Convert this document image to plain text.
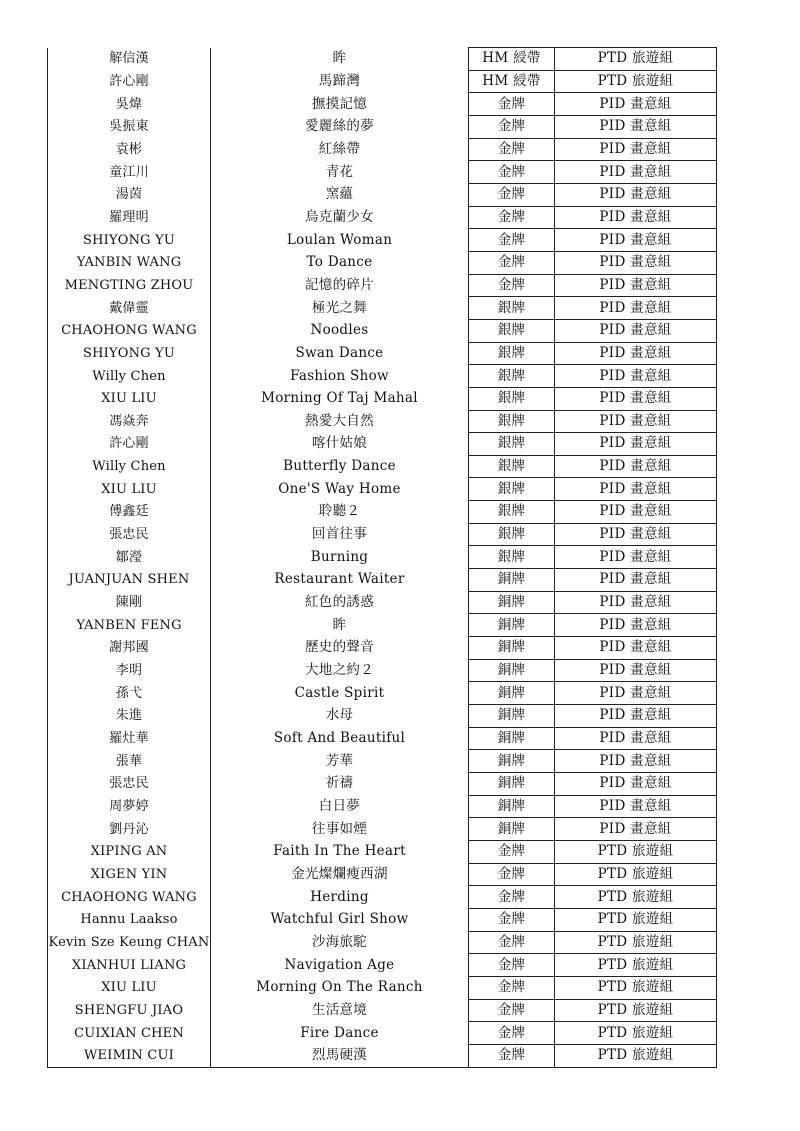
解信漢	眸	HM 綬帶	PTD 旅遊組
許心剛	馬蹄灣	HM 綬帶	PTD 旅遊組
吳煒	撫摸記憶	金牌	PID 畫意組
吳振東	愛麗絲的夢	金牌	PID 畫意組
袁彬	紅絲帶	金牌	PID 畫意組
童江川	青花	金牌	PID 畫意組
湯茵	窯蘊	金牌	PID 畫意組
羅理明	烏克蘭少女	金牌	PID 畫意組
SHIYONG YU	Loulan Woman	金牌	PID 畫意組
YANBIN WANG	To Dance	金牌	PID 畫意組
MENGTING ZHOU	記憶的碎片	金牌	PID 畫意組
戴偉靈	極光之舞	銀牌	PID 畫意組
CHAOHONG WANG	Noodles	銀牌	PID 畫意組
SHIYONG YU	Swan Dance	銀牌	PID 畫意組
Willy Chen	Fashion Show	銀牌	PID 畫意組
XIU LIU	Morning Of Taj Mahal	銀牌	PID 畫意組
馮焱奔	熱愛大自然	銀牌	PID 畫意組
許心剛	喀什姑娘	銀牌	PID 畫意組
Willy Chen	Butterfly Dance	銀牌	PID 畫意組
XIU LIU	One'S Way Home	銀牌	PID 畫意組
傅鑫廷	聆聽２	銀牌	PID 畫意組
張忠民	回首往事	銀牌	PID 畫意組
鄒瀅	Burning	銀牌	PID 畫意組
JUANJUAN SHEN	Restaurant Waiter	銅牌	PID 畫意組
陳剛	紅色的誘惑	銅牌	PID 畫意組
YANBEN FENG	眸	銅牌	PID 畫意組
謝邦國	歷史的聲音	銅牌	PID 畫意組
李明	大地之約２	銅牌	PID 畫意組
孫弋	Castle Spirit	銅牌	PID 畫意組
朱進	水母	銅牌	PID 畫意組
羅灶華	Soft And Beautiful	銅牌	PID 畫意組
張華	芳華	銅牌	PID 畫意組
張忠民	祈禱	銅牌	PID 畫意組
周夢婷	白日夢	銅牌	PID 畫意組
劉丹沁	往事如煙	銅牌	PID 畫意組
XIPING AN	Faith In The Heart	金牌	PTD 旅遊組
XIGEN YIN	金光燦爛瘦西湖	金牌	PTD 旅遊組
CHAOHONG WANG	Herding	金牌	PTD 旅遊組
Hannu Laakso	Watchful Girl Show	金牌	PTD 旅遊組
Kevin Sze Keung CHAN	沙海旅駝	金牌	PTD 旅遊組
XIANHUI LIANG	Navigation Age	金牌	PTD 旅遊組
XIU LIU	Morning On The Ranch	金牌	PTD 旅遊組
SHENGFU JIAO	生活意境	金牌	PTD 旅遊組
CUIXIAN CHEN	Fire Dance	金牌	PTD 旅遊組
WEIMIN CUI	烈馬硬漢	金牌	PTD 旅遊組
